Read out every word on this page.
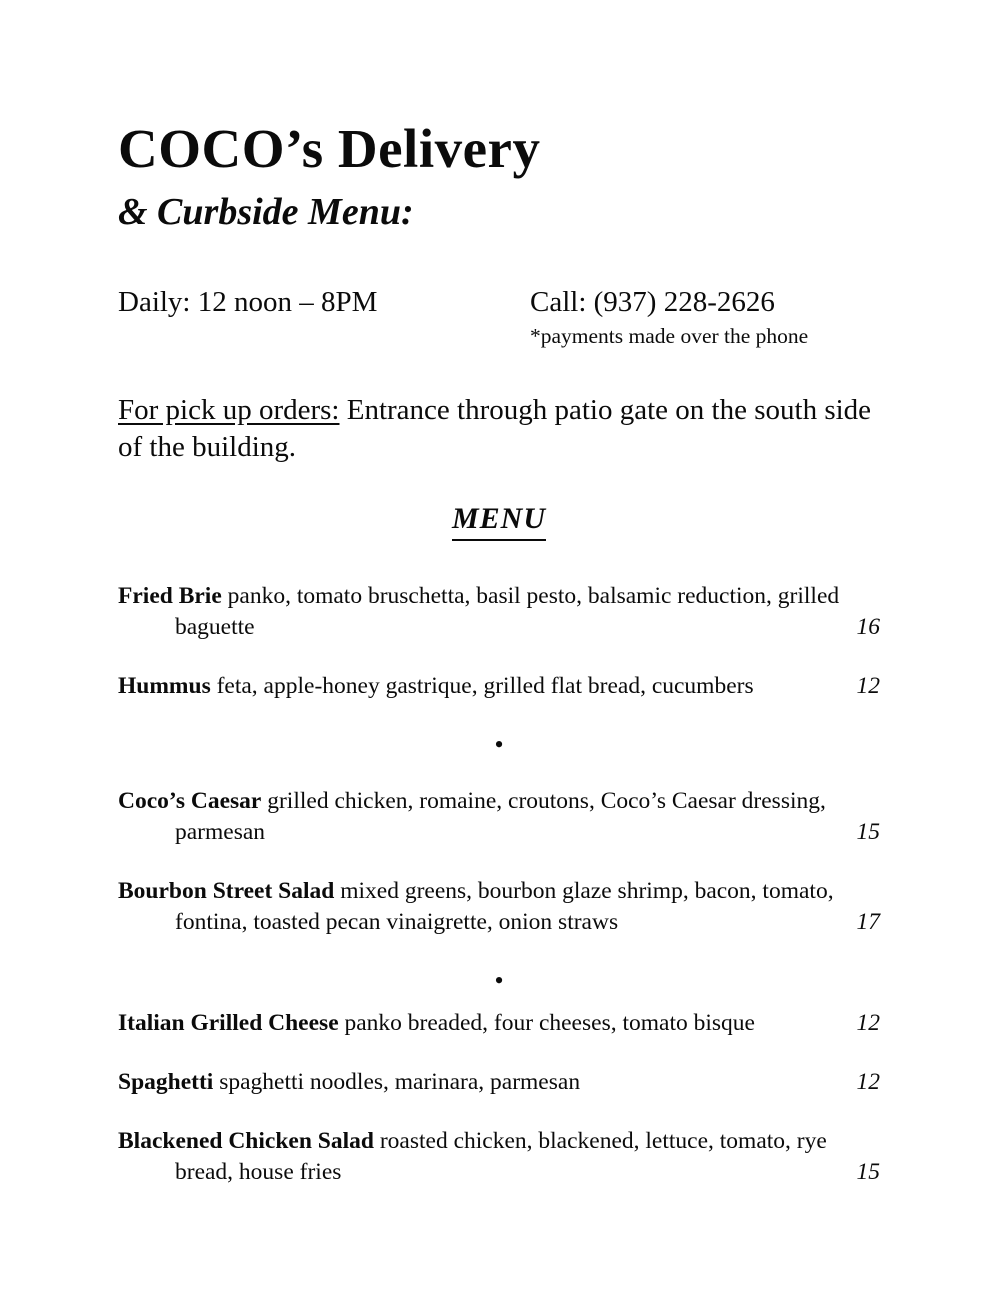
COCO’s Delivery
& Curbside Menu:
Daily: 12 noon – 8PM	Call: (937) 228-2626
*payments made over the phone

For pick up orders: Entrance through patio gate on the south side of the building.

MENU

Fried Brie panko, tomato bruschetta, basil pesto, balsamic reduction, grilled baguette	16

Hummus feta, apple-honey gastrique, grilled flat bread, cucumbers	12
•

Coco’s Caesar grilled chicken, romaine, croutons, Coco’s Caesar dressing, parmesan	15

Bourbon Street Salad mixed greens, bourbon glaze shrimp, bacon, tomato, fontina, toasted pecan vinaigrette, onion straws	17
•

Italian Grilled Cheese panko breaded, four cheeses, tomato bisque	12

Spaghetti spaghetti noodles, marinara, parmesan	12

Blackened Chicken Salad roasted chicken, blackened, lettuce, tomato, rye bread, house fries	15
